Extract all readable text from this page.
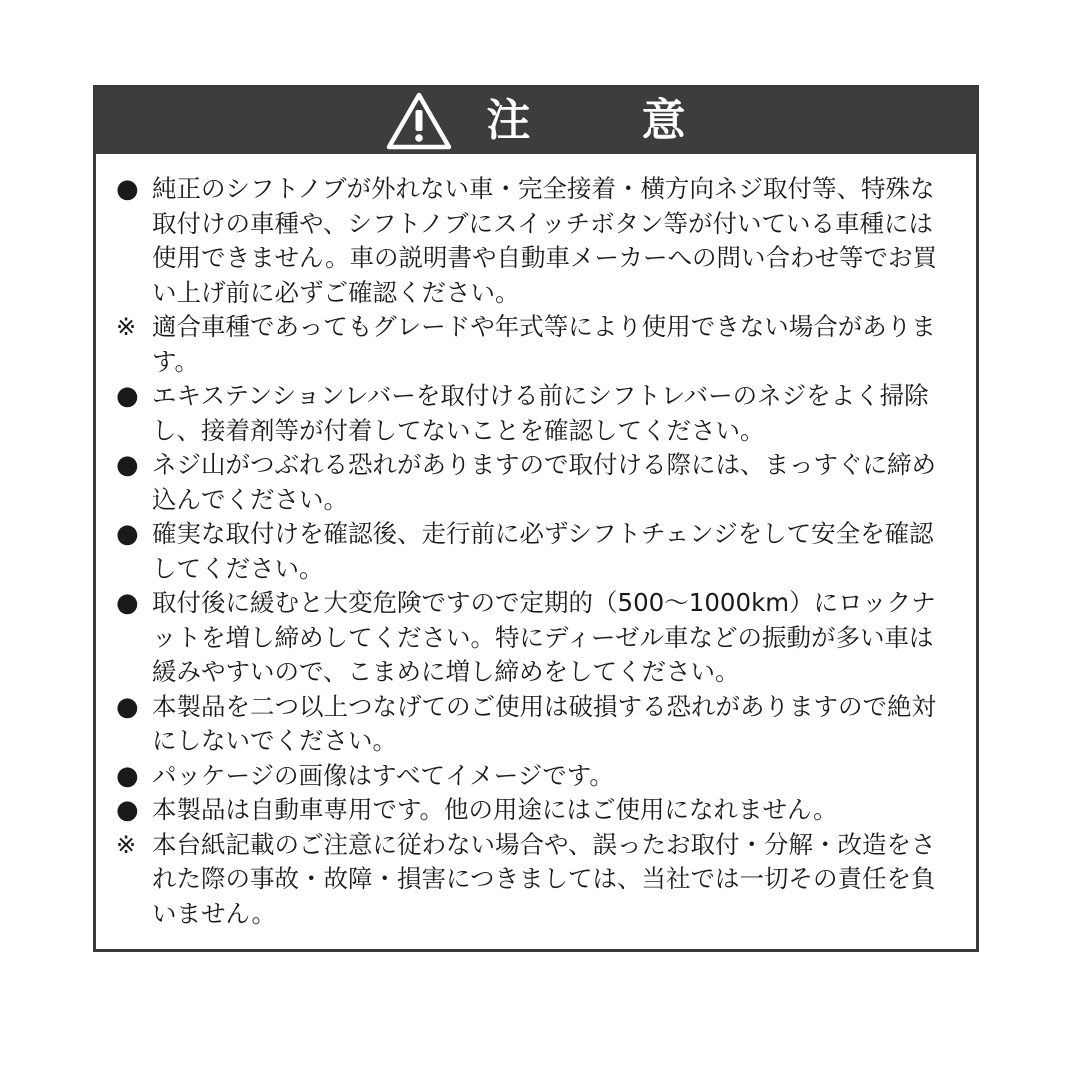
注 意
● 純正のシフトノブが外れない車・完全接着・横方向ネジ取付等、特殊な取付けの車種や、シフトノブにスイッチボタン等が付いている車種には使用できません。車の説明書や自動車メーカーへの問い合わせ等でお買い上げ前に必ずご確認ください。
※ 適合車種であってもグレードや年式等により使用できない場合があります。
● エキステンションレバーを取付ける前にシフトレバーのネジをよく掃除し、接着剤等が付着してないことを確認してください。
● ネジ山がつぶれる恐れがありますので取付ける際には、まっすぐに締め込んでください。
● 確実な取付けを確認後、走行前に必ずシフトチェンジをして安全を確認してください。
● 取付後に緩むと大変危険ですので定期的（500～1000km）にロックナットを増し締めしてください。特にディーゼル車などの振動が多い車は緩みやすいので、こまめに増し締めをしてください。
● 本製品を二つ以上つなげてのご使用は破損する恐れがありますので絶対にしないでください。
● パッケージの画像はすべてイメージです。
● 本製品は自動車専用です。他の用途にはご使用になれません。
※ 本台紙記載のご注意に従わない場合や、誤ったお取付・分解・改造をされた際の事故・故障・損害につきましては、当社では一切その責任を負いません。
